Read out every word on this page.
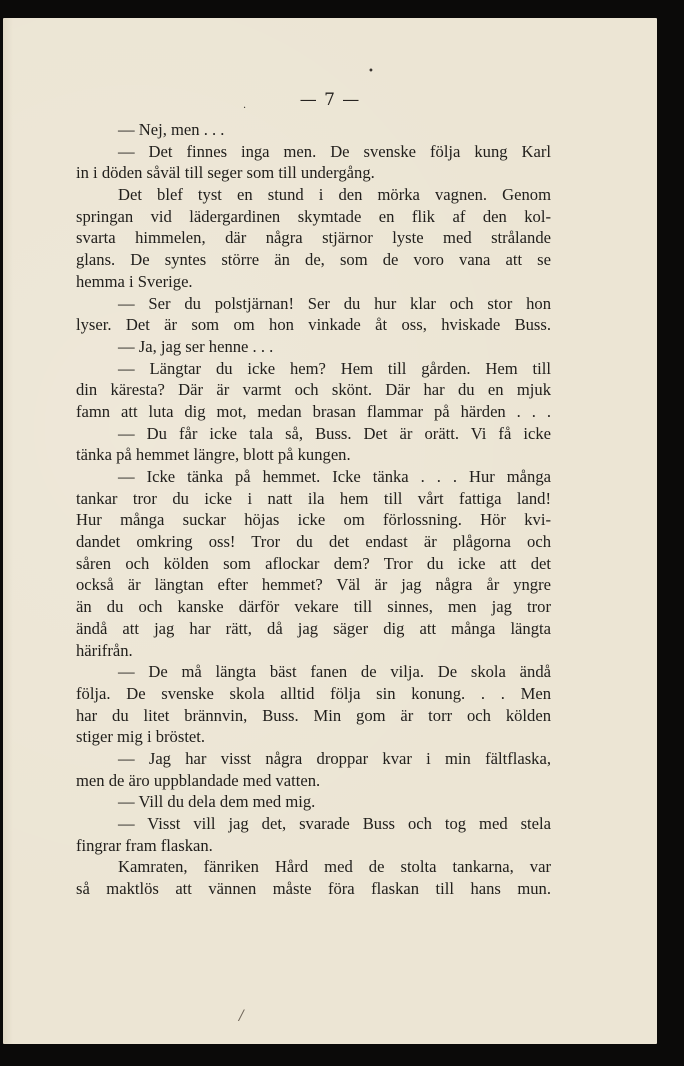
•
·	— 7 —
— Nej, men . . .
— Det finnes inga men. De svenske följa kung Karl
in i döden såväl till seger som till undergång.
Det blef tyst en stund i den mörka vagnen. Genom
springan vid lädergardinen skymtade en flik af den kol-
svarta himmelen, där några stjärnor lyste med strålande
glans. De syntes större än de, som de voro vana att se
hemma i Sverige.
— Ser du polstjärnan! Ser du hur klar och stor hon
lyser. Det är som om hon vinkade åt oss, hviskade Buss.
— Ja, jag ser henne . . .
— Längtar du icke hem? Hem till gården. Hem till
din käresta? Där är varmt och skönt. Där har du en mjuk
famn att luta dig mot, medan brasan flammar på härden . . .
— Du får icke tala så, Buss. Det är orätt. Vi få icke
tänka på hemmet längre, blott på kungen.
— Icke tänka på hemmet. Icke tänka . . . Hur många
tankar tror du icke i natt ila hem till vårt fattiga land!
Hur många suckar höjas icke om förlossning. Hör kvi-
dandet omkring oss! Tror du det endast är plågorna och
såren och kölden som aflockar dem? Tror du icke att det
också är längtan efter hemmet? Väl är jag några år yngre
än du och kanske därför vekare till sinnes, men jag tror
ändå att jag har rätt, då jag säger dig att många längta
härifrån.
— De må längta bäst fanen de vilja. De skola ändå
följa. De svenske skola alltid följa sin konung. . . Men
har du litet brännvin, Buss. Min gom är torr och kölden
stiger mig i bröstet.
— Jag har visst några droppar kvar i min fältflaska,
men de äro uppblandade med vatten.
— Vill du dela dem med mig.
— Visst vill jag det, svarade Buss och tog med stela
fingrar fram flaskan.
Kamraten, fänriken Hård med de stolta tankarna, var
så maktlös att vännen måste föra flaskan till hans mun.
/
